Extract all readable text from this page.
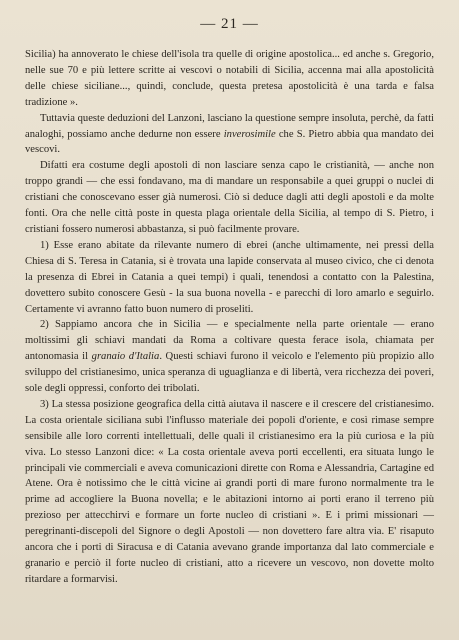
— 21 —

Sicilia) ha annoverato le chiese dell'isola tra quelle di origine apostolica... ed anche s. Gregorio, nelle sue 70 e più lettere scritte ai vescovi o notabili di Sicilia, accenna mai alla apostolicità delle chiese siciliane..., quindi, conclude, questa pretesa apostolicità è una tarda e falsa tradizione ».

Tuttavia queste deduzioni del Lanzoni, lasciano la questione sempre insoluta, perchè, da fatti analoghi, possiamo anche dedurne non essere inverosimile che S. Pietro abbia qua mandato dei vescovi.

Difatti era costume degli apostoli di non lasciare senza capo le cristianità, — anche non troppo grandi — che essi fondavano, ma di mandare un responsabile a quei gruppi o nuclei di cristiani che conoscevano esser già numerosi. Ciò si deduce dagli atti degli apostoli e da molte fonti. Ora che nelle città poste in questa plaga orientale della Sicilia, al tempo di S. Pietro, i cristiani fossero numerosi abbastanza, si può facilmente provare.

1) Esse erano abitate da rilevante numero di ebrei (anche ultimamente, nei pressi della Chiesa di S. Teresa in Catania, si è trovata una lapide conservata al museo civico, che ci denota la presenza di Ebrei in Catania a quei tempi) i quali, tenendosi a contatto con la Palestina, dovettero subito conoscere Gesù - la sua buona novella - e parecchi di loro amarlo e seguirlo. Certamente vi avranno fatto buon numero di proseliti.

2) Sappiamo ancora che in Sicilia — e specialmente nella parte orientale — erano moltissimi gli schiavi mandati da Roma a coltivare questa ferace isola, chiamata per antonomasia il granaio d'Italia. Questi schiavi furono il veicolo e l'elemento più propizio allo sviluppo del cristianesimo, unica speranza di uguaglianza e di libertà, vera ricchezza dei poveri, sole degli oppressi, conforto dei tribolati.

3) La stessa posizione geografica della città aiutava il nascere e il crescere del cristianesimo. La costa orientale siciliana subì l'influsso materiale dei popoli d'oriente, e così rimase sempre sensibile alle loro correnti intellettuali, delle quali il cristianesimo era la più curiosa e la più viva. Lo stesso Lanzoni dice: « La costa orientale aveva porti eccellenti, era situata lungo le principali vie commerciali e aveva comunicazioni dirette con Roma e Alessandria, Cartagine ed Atene. Ora è notissimo che le città vicine ai grandi porti di mare furono normalmente tra le prime ad accogliere la Buona novella; e le abitazioni intorno ai porti erano il terreno più prezioso per attecchirvi e formare un forte nucleo di cristiani ». E i primi missionari — peregrinanti-discepoli del Signore o degli Apostoli — non dovettero fare altra via. E' risaputo ancora che i porti di Siracusa e di Catania avevano grande importanza dal lato commerciale e granario e perciò il forte nucleo di cristiani, atto a ricevere un vescovo, non dovette molto ritardare a formarvisi.
